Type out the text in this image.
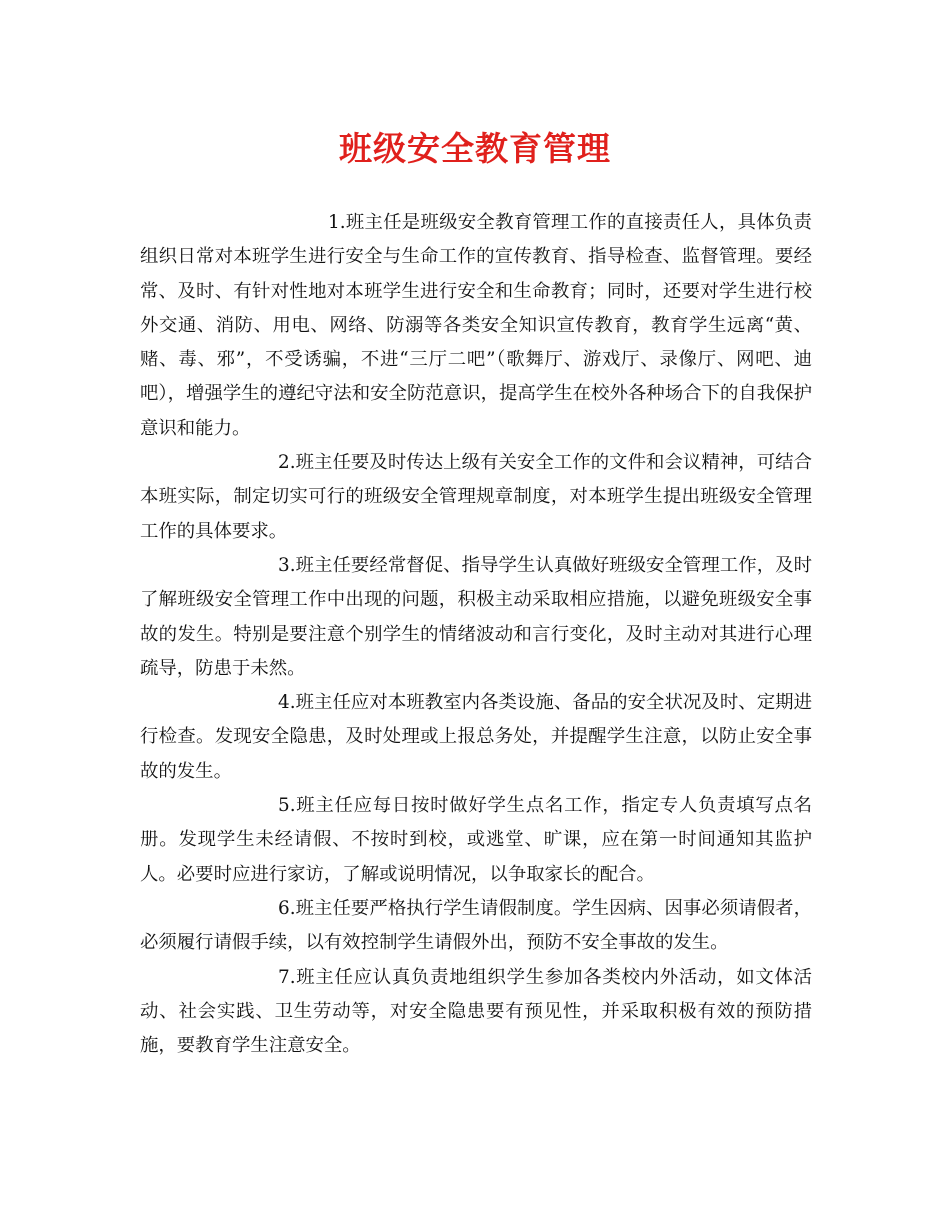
班级安全教育管理

1.班主任是班级安全教育管理工作的直接责任人，具体负责组织日常对本班学生进行安全与生命工作的宣传教育、指导检查、监督管理。要经常、及时、有针对性地对本班学生进行安全和生命教育；同时，还要对学生进行校外交通、消防、用电、网络、防溺等各类安全知识宣传教育，教育学生远离“黄、赌、毒、邪”，不受诱骗，不进“三厅二吧”（歌舞厅、游戏厅、录像厅、网吧、迪吧），增强学生的遵纪守法和安全防范意识，提高学生在校外各种场合下的自我保护意识和能力。

2.班主任要及时传达上级有关安全工作的文件和会议精神，可结合本班实际，制定切实可行的班级安全管理规章制度，对本班学生提出班级安全管理工作的具体要求。

3.班主任要经常督促、指导学生认真做好班级安全管理工作，及时了解班级安全管理工作中出现的问题，积极主动采取相应措施，以避免班级安全事故的发生。特别是要注意个别学生的情绪波动和言行变化，及时主动对其进行心理疏导，防患于未然。

4.班主任应对本班教室内各类设施、备品的安全状况及时、定期进行检查。发现安全隐患，及时处理或上报总务处，并提醒学生注意，以防止安全事故的发生。

5.班主任应每日按时做好学生点名工作，指定专人负责填写点名册。发现学生未经请假、不按时到校，或逃堂、旷课，应在第一时间通知其监护人。必要时应进行家访，了解或说明情况，以争取家长的配合。

6.班主任要严格执行学生请假制度。学生因病、因事必须请假者，必须履行请假手续，以有效控制学生请假外出，预防不安全事故的发生。

7.班主任应认真负责地组织学生参加各类校内外活动，如文体活动、社会实践、卫生劳动等，对安全隐患要有预见性，并采取积极有效的预防措施，要教育学生注意安全。
